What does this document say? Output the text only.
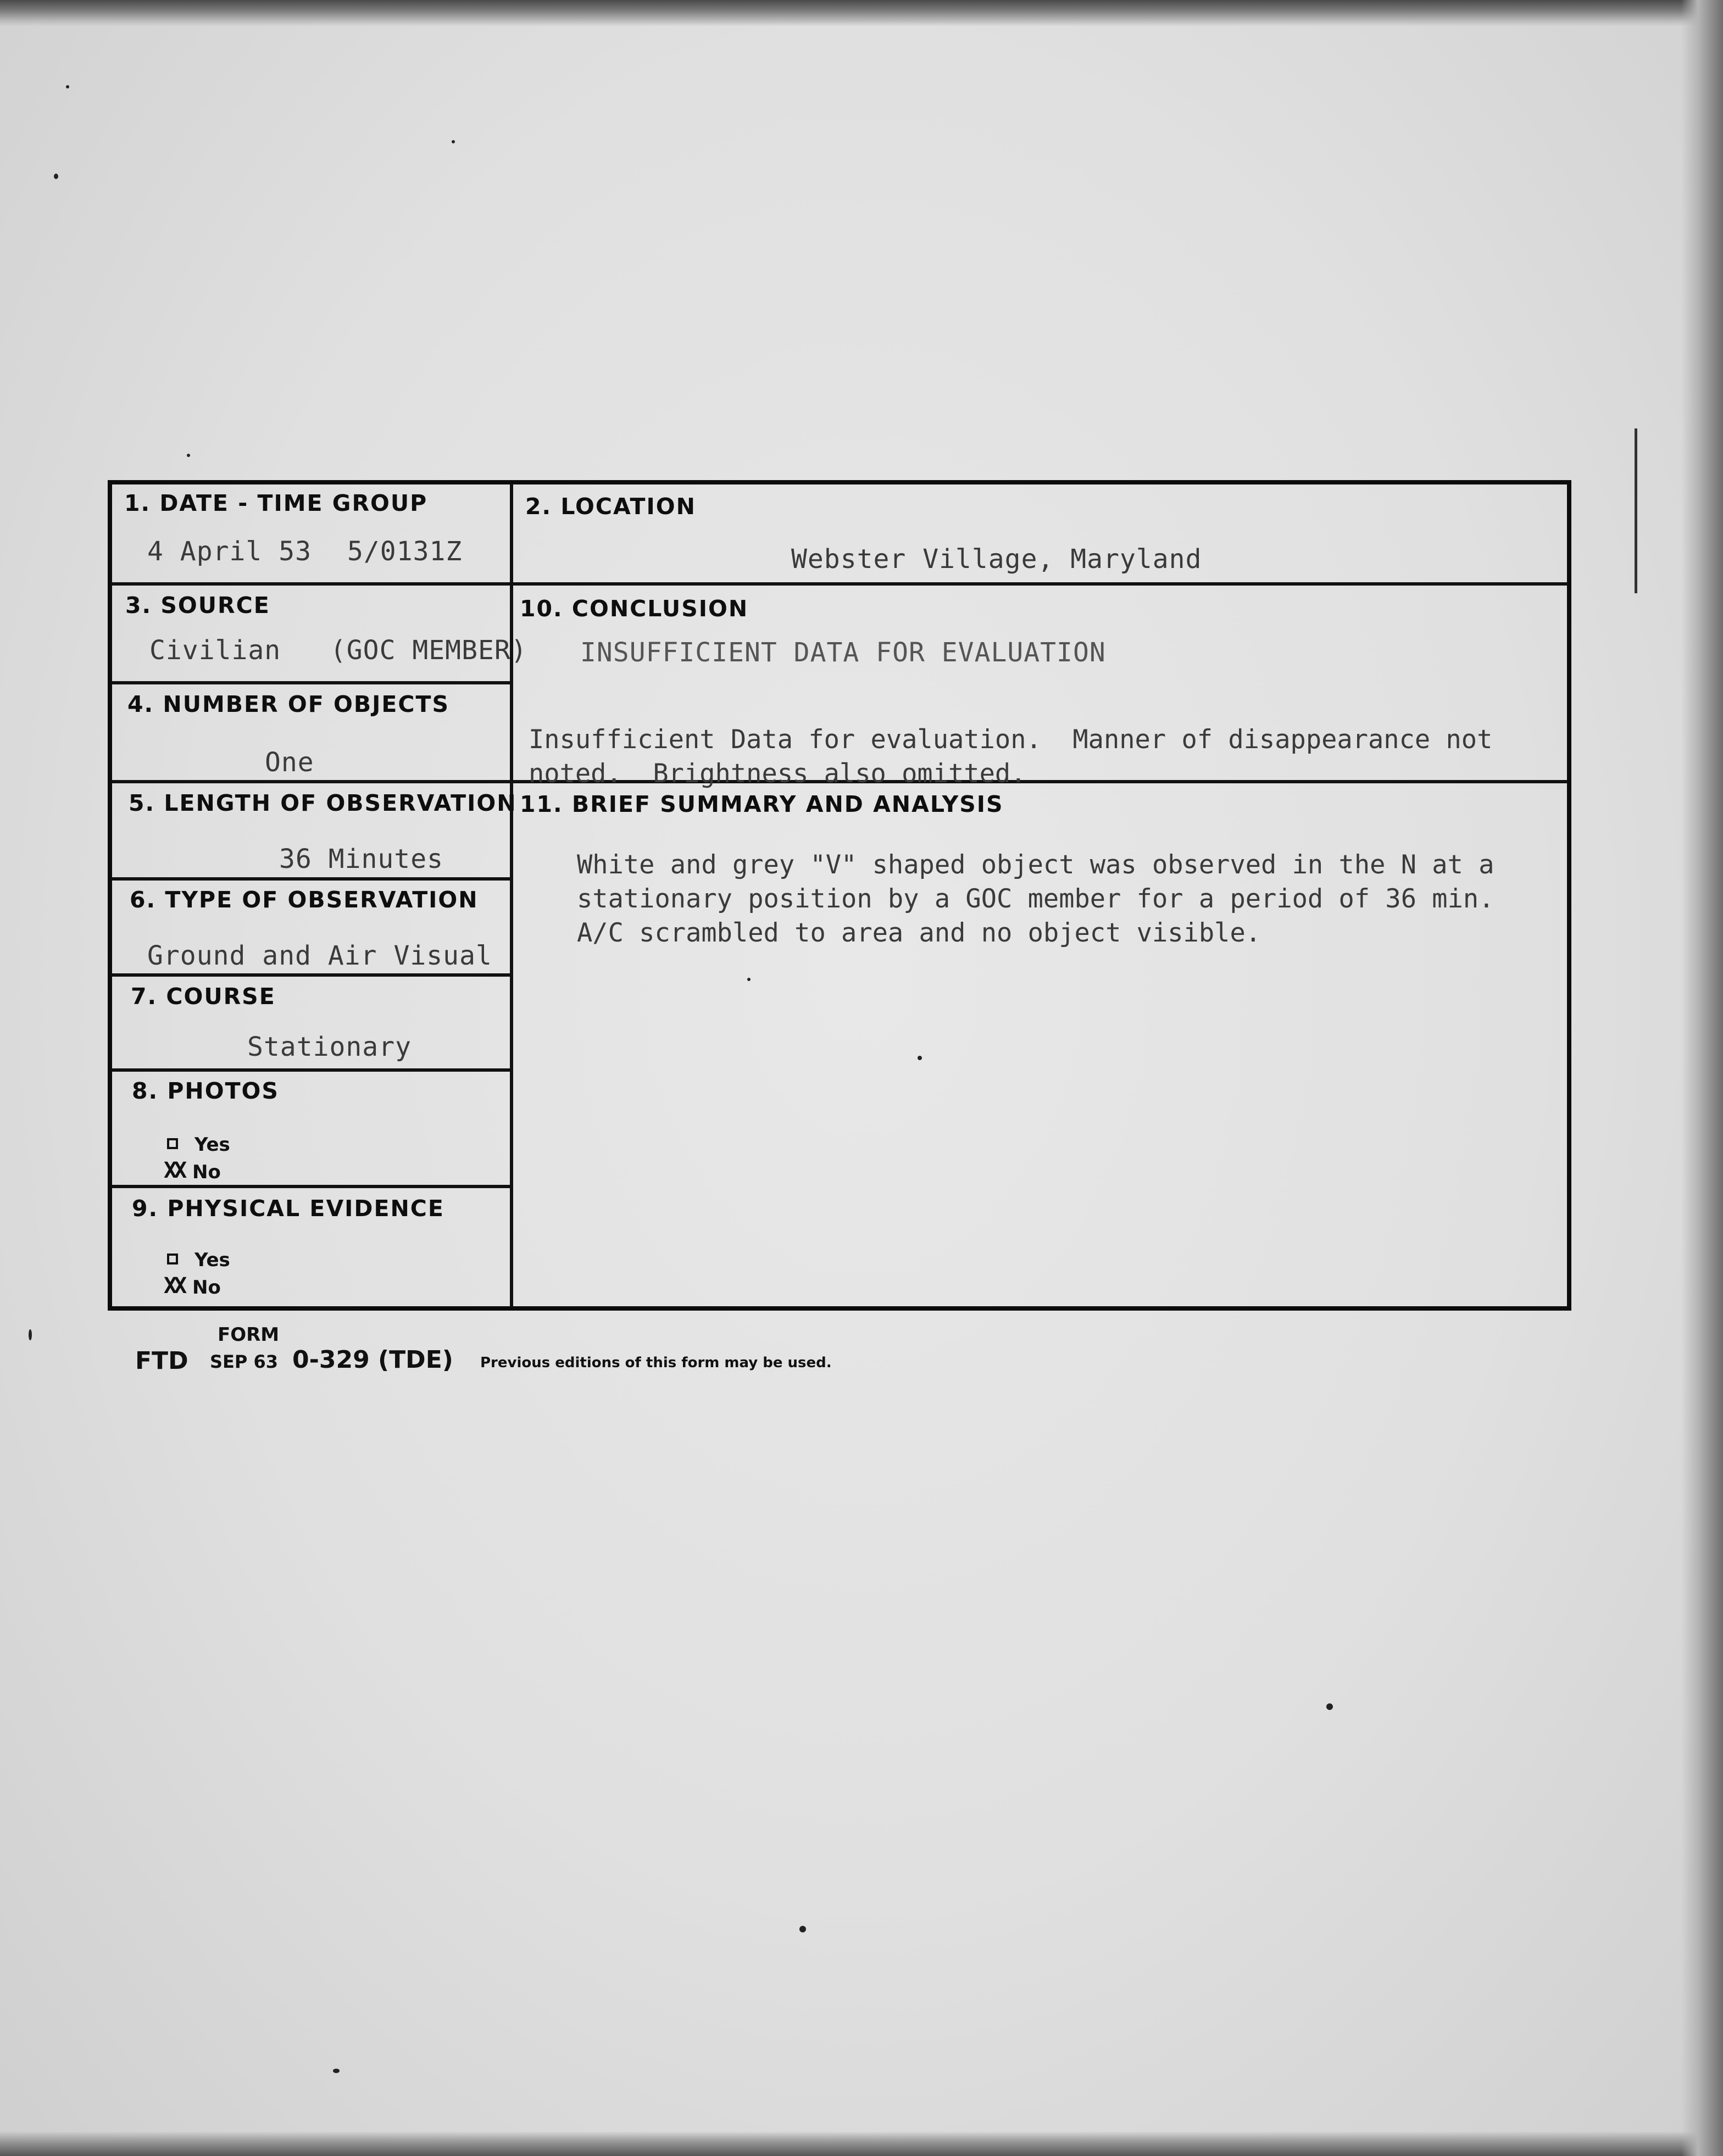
1. DATE - TIME GROUP
4 April 53 5/0131Z
2. LOCATION
Webster Village, Maryland
3. SOURCE
Civilian   (GOC MEMBER)
4. NUMBER OF OBJECTS
One
5. LENGTH OF OBSERVATION
36 Minutes
6. TYPE OF OBSERVATION
Ground and Air Visual
7. COURSE
Stationary
8. PHOTOS
Yes
XX No
9. PHYSICAL EVIDENCE
Yes
XX No
10. CONCLUSION
INSUFFICIENT DATA FOR EVALUATION
Insufficient Data for evaluation.  Manner of disappearance not
noted.  Brightness also omitted.
11. BRIEF SUMMARY AND ANALYSIS
White and grey "V" shaped object was observed in the N at a
stationary position by a GOC member for a period of 36 min.
A/C scrambled to area and no object visible.
FORM
FTD SEP 63 0-329 (TDE) Previous editions of this form may be used.
